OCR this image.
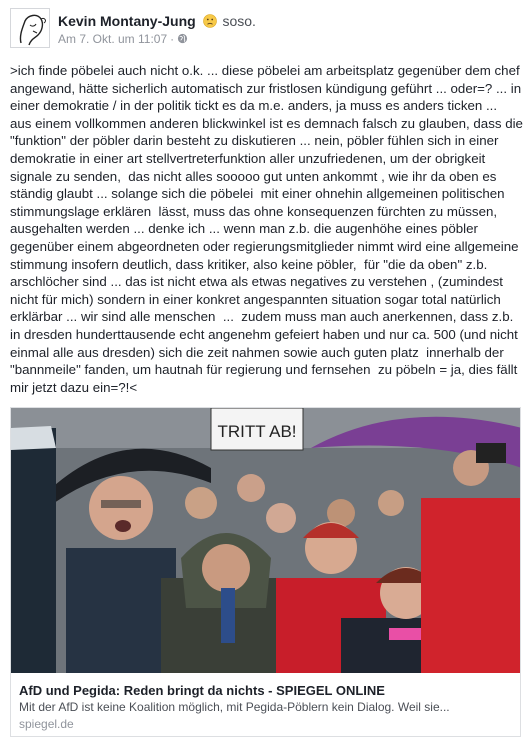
Kevin Montany-Jung soso.
Am 7. Okt. um 11:07 ·
>ich finde pöbelei auch nicht o.k. ... diese pöbelei am arbeitsplatz gegenüber dem chef angewand, hätte sicherlich automatisch zur fristlosen kündigung geführt ... oder=? ... in einer demokratie / in der politik tickt es da m.e. anders, ja muss es anders ticken ...  aus einem vollkommen anderen blickwinkel ist es demnach falsch zu glauben, dass die "funktion" der pöbler darin besteht zu diskutieren ... nein, pöbler fühlen sich in einer demokratie in einer art stellvertreterfunktion aller unzufriedenen, um der obrigkeit signale zu senden,  das nicht alles sooooo gut unten ankommt , wie ihr da oben es ständig glaubt ... solange sich die pöbelei  mit einer ohnehin allgemeinen politischen  stimmungslage erklären  lässt, muss das ohne konsequenzen fürchten zu müssen, ausgehalten werden ... denke ich ... wenn man z.b. die augenhöhe eines pöbler gegenüber einem abgeordneten oder regierungsmitglieder nimmt wird eine allgemeine stimmung insofern deutlich, dass kritiker, also keine pöbler,  für "die da oben" z.b. arschlöcher sind ... das ist nicht etwa als etwas negatives zu verstehen , (zumindest nicht für mich) sondern in einer konkret angespannten situation sogar total natürlich erklärbar ... wir sind alle menschen  ...  zudem muss man auch anerkennen, dass z.b. in dresden hunderttausende echt angenehm gefeiert haben und nur ca. 500 (und nicht einmal alle aus dresden) sich die zeit nahmen sowie auch guten platz  innerhalb der "bannmeile" fanden, um hautnah für regierung und fernsehen  zu pöbeln = ja, dies fällt mir jetzt dazu ein=?!<
TRITT AB!
AfD und Pegida: Reden bringt da nichts - SPIEGEL ONLINE
Mit der AfD ist keine Koalition möglich, mit Pegida-Pöblern kein Dialog. Weil sie...
spiegel.de
